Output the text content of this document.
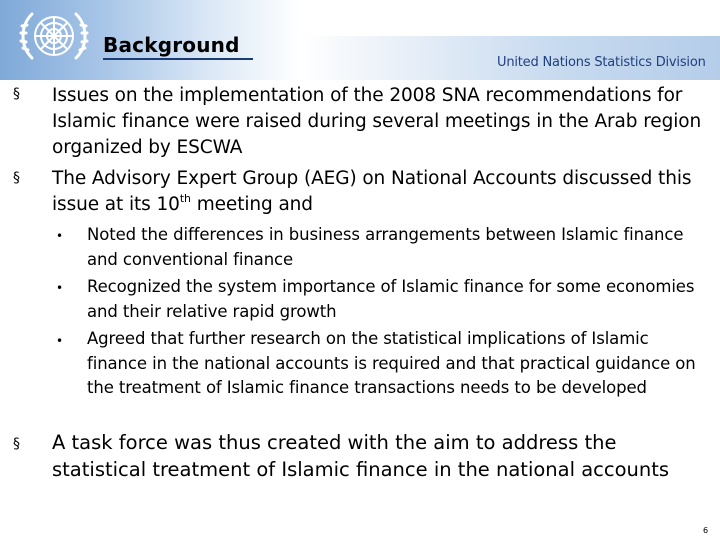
Background
United Nations Statistics Division
§ Issues on the implementation of the 2008 SNA recommendations for Islamic finance were raised during several meetings in the Arab region organized by ESCWA
§ The Advisory Expert Group (AEG) on National Accounts discussed this issue at its 10th meeting and
• Noted the differences in business arrangements between Islamic finance and conventional finance
• Recognized the system importance of Islamic finance for some economies and their relative rapid growth
• Agreed that further research on the statistical implications of Islamic finance in the national accounts is required and that practical guidance on the treatment of Islamic finance transactions needs to be developed
§ A task force was thus created with the aim to address the statistical treatment of Islamic finance in the national accounts
6
